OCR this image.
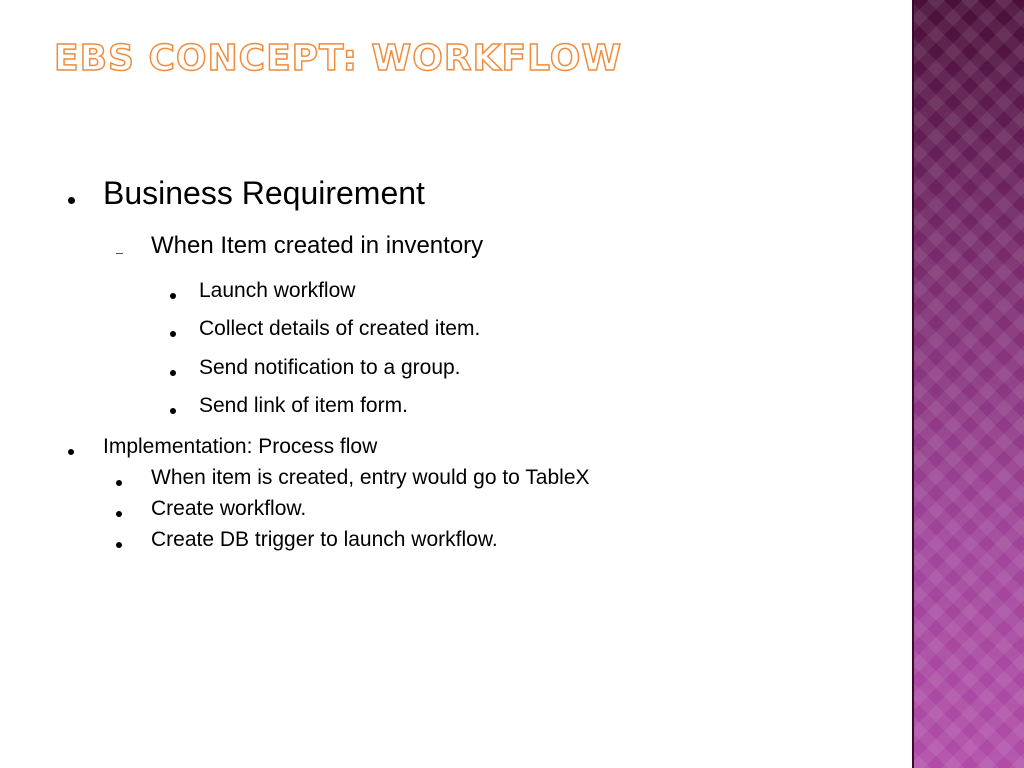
EBS CONCEPT: WORKFLOW
Business Requirement
When Item created in inventory
Launch workflow
Collect details of created item.
Send notification to a group.
Send link of item form.
Implementation: Process flow
When item is created, entry would go to TableX
Create workflow.
Create DB trigger to launch workflow.
